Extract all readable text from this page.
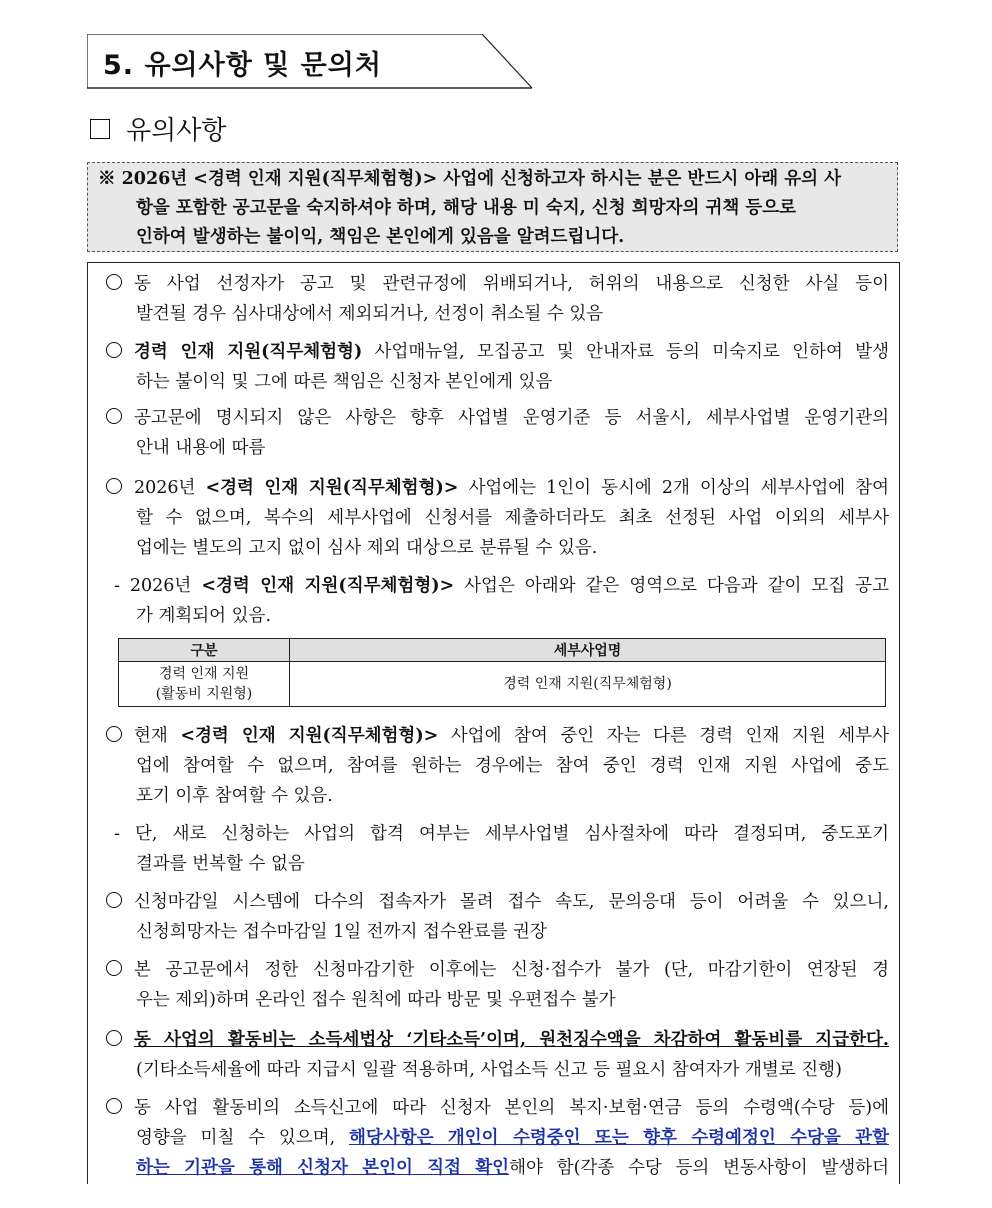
5. 유의사항 및 문의처
유의사항
※ 2026년 <경력 인재 지원(직무체험형)> 사업에 신청하고자 하시는 분은 반드시 아래 유의 사
항을 포함한 공고문을 숙지하셔야 하며, 해당 내용 미 숙지, 신청 희망자의 귀책 등으로
인하여 발생하는 불이익, 책임은 본인에게 있음을 알려드립니다.
동 사업 선정자가 공고 및 관련규정에 위배되거나, 허위의 내용으로 신청한 사실 등이
발견될 경우 심사대상에서 제외되거나, 선정이 취소될 수 있음
경력 인재 지원(직무체험형) 사업매뉴얼, 모집공고 및 안내자료 등의 미숙지로 인하여 발생
하는 불이익 및 그에 따른 책임은 신청자 본인에게 있음
공고문에 명시되지 않은 사항은 향후 사업별 운영기준 등 서울시, 세부사업별 운영기관의
안내 내용에 따름
2026년 <경력 인재 지원(직무체험형)> 사업에는 1인이 동시에 2개 이상의 세부사업에 참여
할 수 없으며, 복수의 세부사업에 신청서를 제출하더라도 최초 선정된 사업 이외의 세부사
업에는 별도의 고지 없이 심사 제외 대상으로 분류될 수 있음.
- 2026년 <경력 인재 지원(직무체험형)> 사업은 아래와 같은 영역으로 다음과 같이 모집 공고
가 계획되어 있음.
구분	세부사업명

경력 인재 지원
(활동비 지원형)	경력 인재 지원(직무체험형)
현재 <경력 인재 지원(직무체험형)> 사업에 참여 중인 자는 다른 경력 인재 지원 세부사
업에 참여할 수 없으며, 참여를 원하는 경우에는 참여 중인 경력 인재 지원 사업에 중도
포기 이후 참여할 수 있음.
- 단, 새로 신청하는 사업의 합격 여부는 세부사업별 심사절차에 따라 결정되며, 중도포기
결과를 번복할 수 없음
신청마감일 시스템에 다수의 접속자가 몰려 접수 속도, 문의응대 등이 어려울 수 있으니,
신청희망자는 접수마감일 1일 전까지 접수완료를 권장
본 공고문에서 정한 신청마감기한 이후에는 신청·접수가 불가 (단, 마감기한이 연장된 경
우는 제외)하며 온라인 접수 원칙에 따라 방문 및 우편접수 불가
동 사업의 활동비는 소득세법상 ‘기타소득’이며, 원천징수액을 차감하여 활동비를 지급한다.
(기타소득세율에 따라 지급시 일괄 적용하며, 사업소득 신고 등 필요시 참여자가 개별로 진행)
동 사업 활동비의 소득신고에 따라 신청자 본인의 복지·보험·연금 등의 수령액(수당 등)에
영향을 미칠 수 있으며, 해당사항은 개인이 수령중인 또는 향후 수령예정인 수당을 관할
하는 기관을 통해 신청자 본인이 직접 확인해야 함(각종 수당 등의 변동사항이 발생하더
